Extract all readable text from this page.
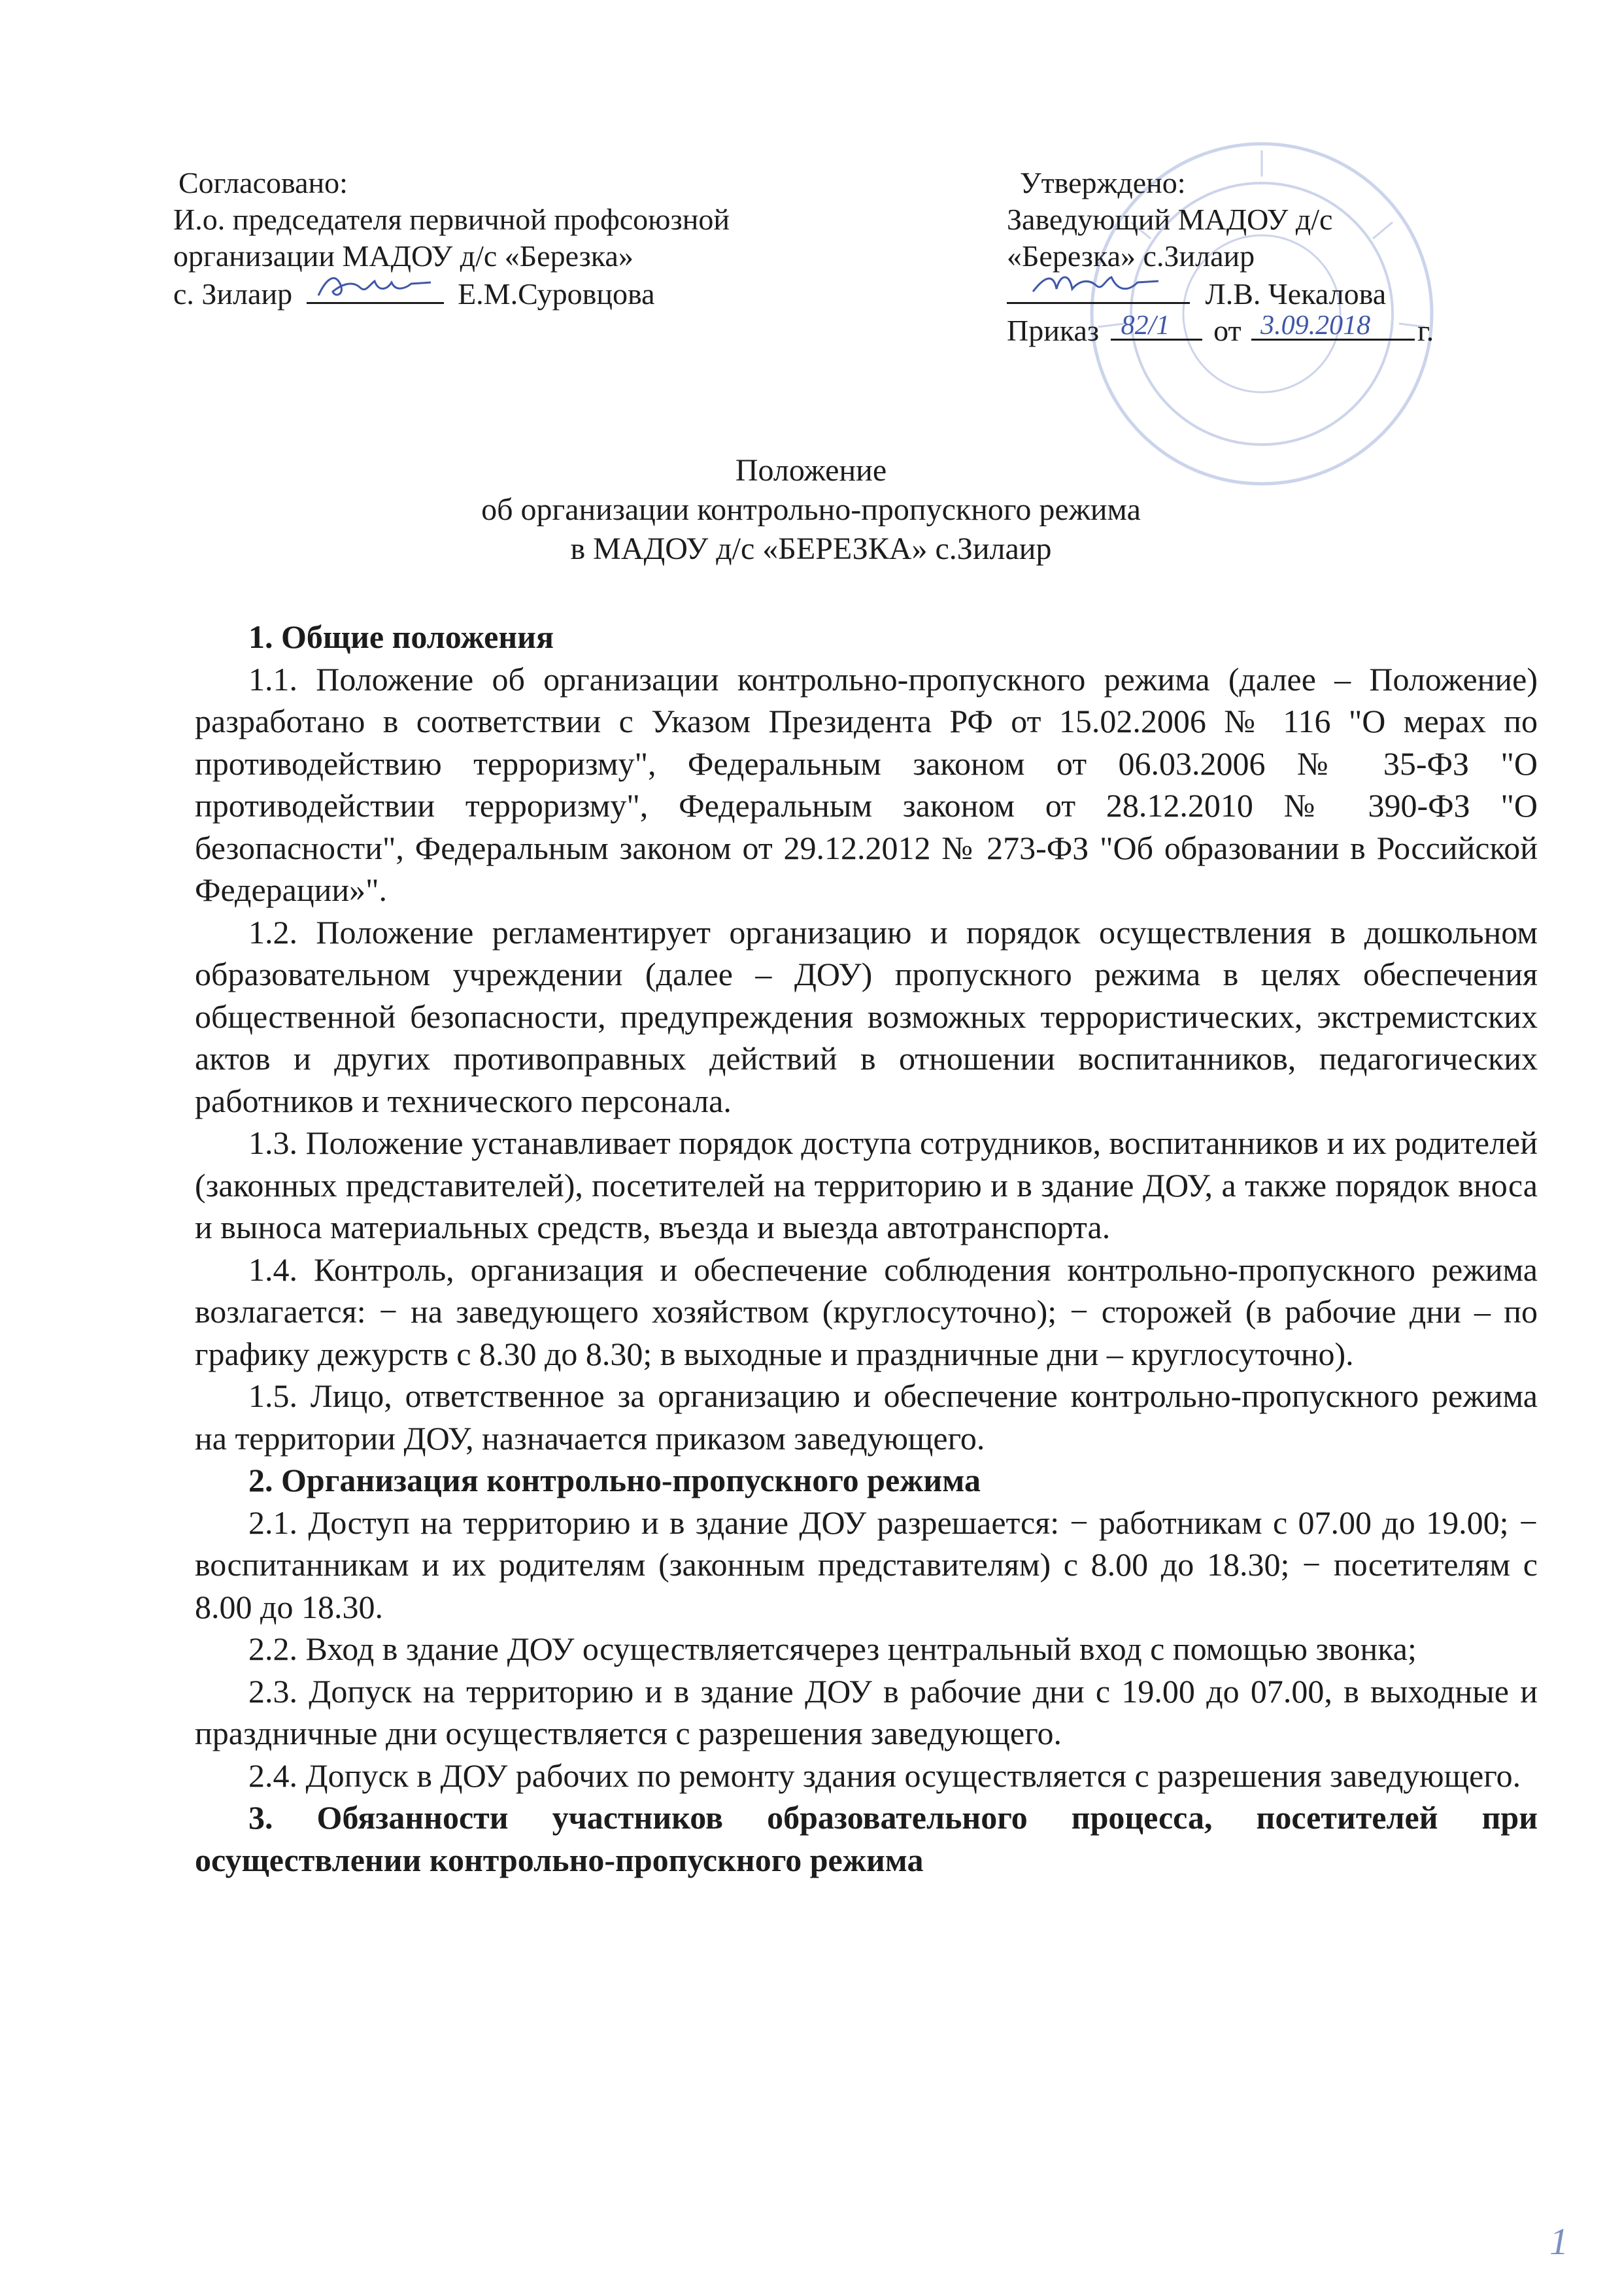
Согласовано:
И.о. председателя первичной профсоюзной
организации МАДОУ д/с «Березка»
с. Зилаир	Е.М.Суровцова
Утверждено:
Заведующий МАДОУ д/с
«Березка» с.Зилаир
Л.В. Чекалова
Приказ 82/1 от 3.09.2018 г.
Положение
об организации контрольно-пропускного режима
в МАДОУ д/с «БЕРЕЗКА» с.Зилаир
1. Общие положения
1.1. Положение об организации контрольно-пропускного режима (далее – Положение) разработано в соответствии с Указом Президента РФ от 15.02.2006 № 116 "О мерах по противодействию терроризму", Федеральным законом от 06.03.2006 № 35-ФЗ "О противодействии терроризму", Федеральным законом от 28.12.2010 № 390-ФЗ "О безопасности", Федеральным законом от 29.12.2012 № 273-ФЗ "Об образовании в Российской Федерации»".
1.2. Положение регламентирует организацию и порядок осуществления в дошкольном образовательном учреждении (далее – ДОУ) пропускного режима в целях обеспечения общественной безопасности, предупреждения возможных террористических, экстремистских актов и других противоправных действий в отношении воспитанников, педагогических работников и технического персонала.
1.3. Положение устанавливает порядок доступа сотрудников, воспитанников и их родителей (законных представителей), посетителей на территорию и в здание ДОУ, а также порядок вноса и выноса материальных средств, въезда и выезда автотранспорта.
1.4. Контроль, организация и обеспечение соблюдения контрольно-пропускного режима возлагается: − на заведующего хозяйством (круглосуточно); − сторожей (в рабочие дни – по графику дежурств с 8.30 до 8.30; в выходные и праздничные дни – круглосуточно).
1.5. Лицо, ответственное за организацию и обеспечение контрольно-пропускного режима на территории ДОУ, назначается приказом заведующего.
2. Организация контрольно-пропускного режима
2.1. Доступ на территорию и в здание ДОУ разрешается: − работникам с 07.00 до 19.00; − воспитанникам и их родителям (законным представителям) с 8.00 до 18.30; − посетителям с 8.00 до 18.30.
2.2. Вход в здание ДОУ осуществляетсячерез центральный вход с помощью звонка;
2.3. Допуск на территорию и в здание ДОУ в рабочие дни с 19.00 до 07.00, в выходные и праздничные дни осуществляется с разрешения заведующего.
2.4. Допуск в ДОУ рабочих по ремонту здания осуществляется с разрешения заведующего.
3. Обязанности участников образовательного процесса, посетителей при осуществлении контрольно-пропускного режима
1
